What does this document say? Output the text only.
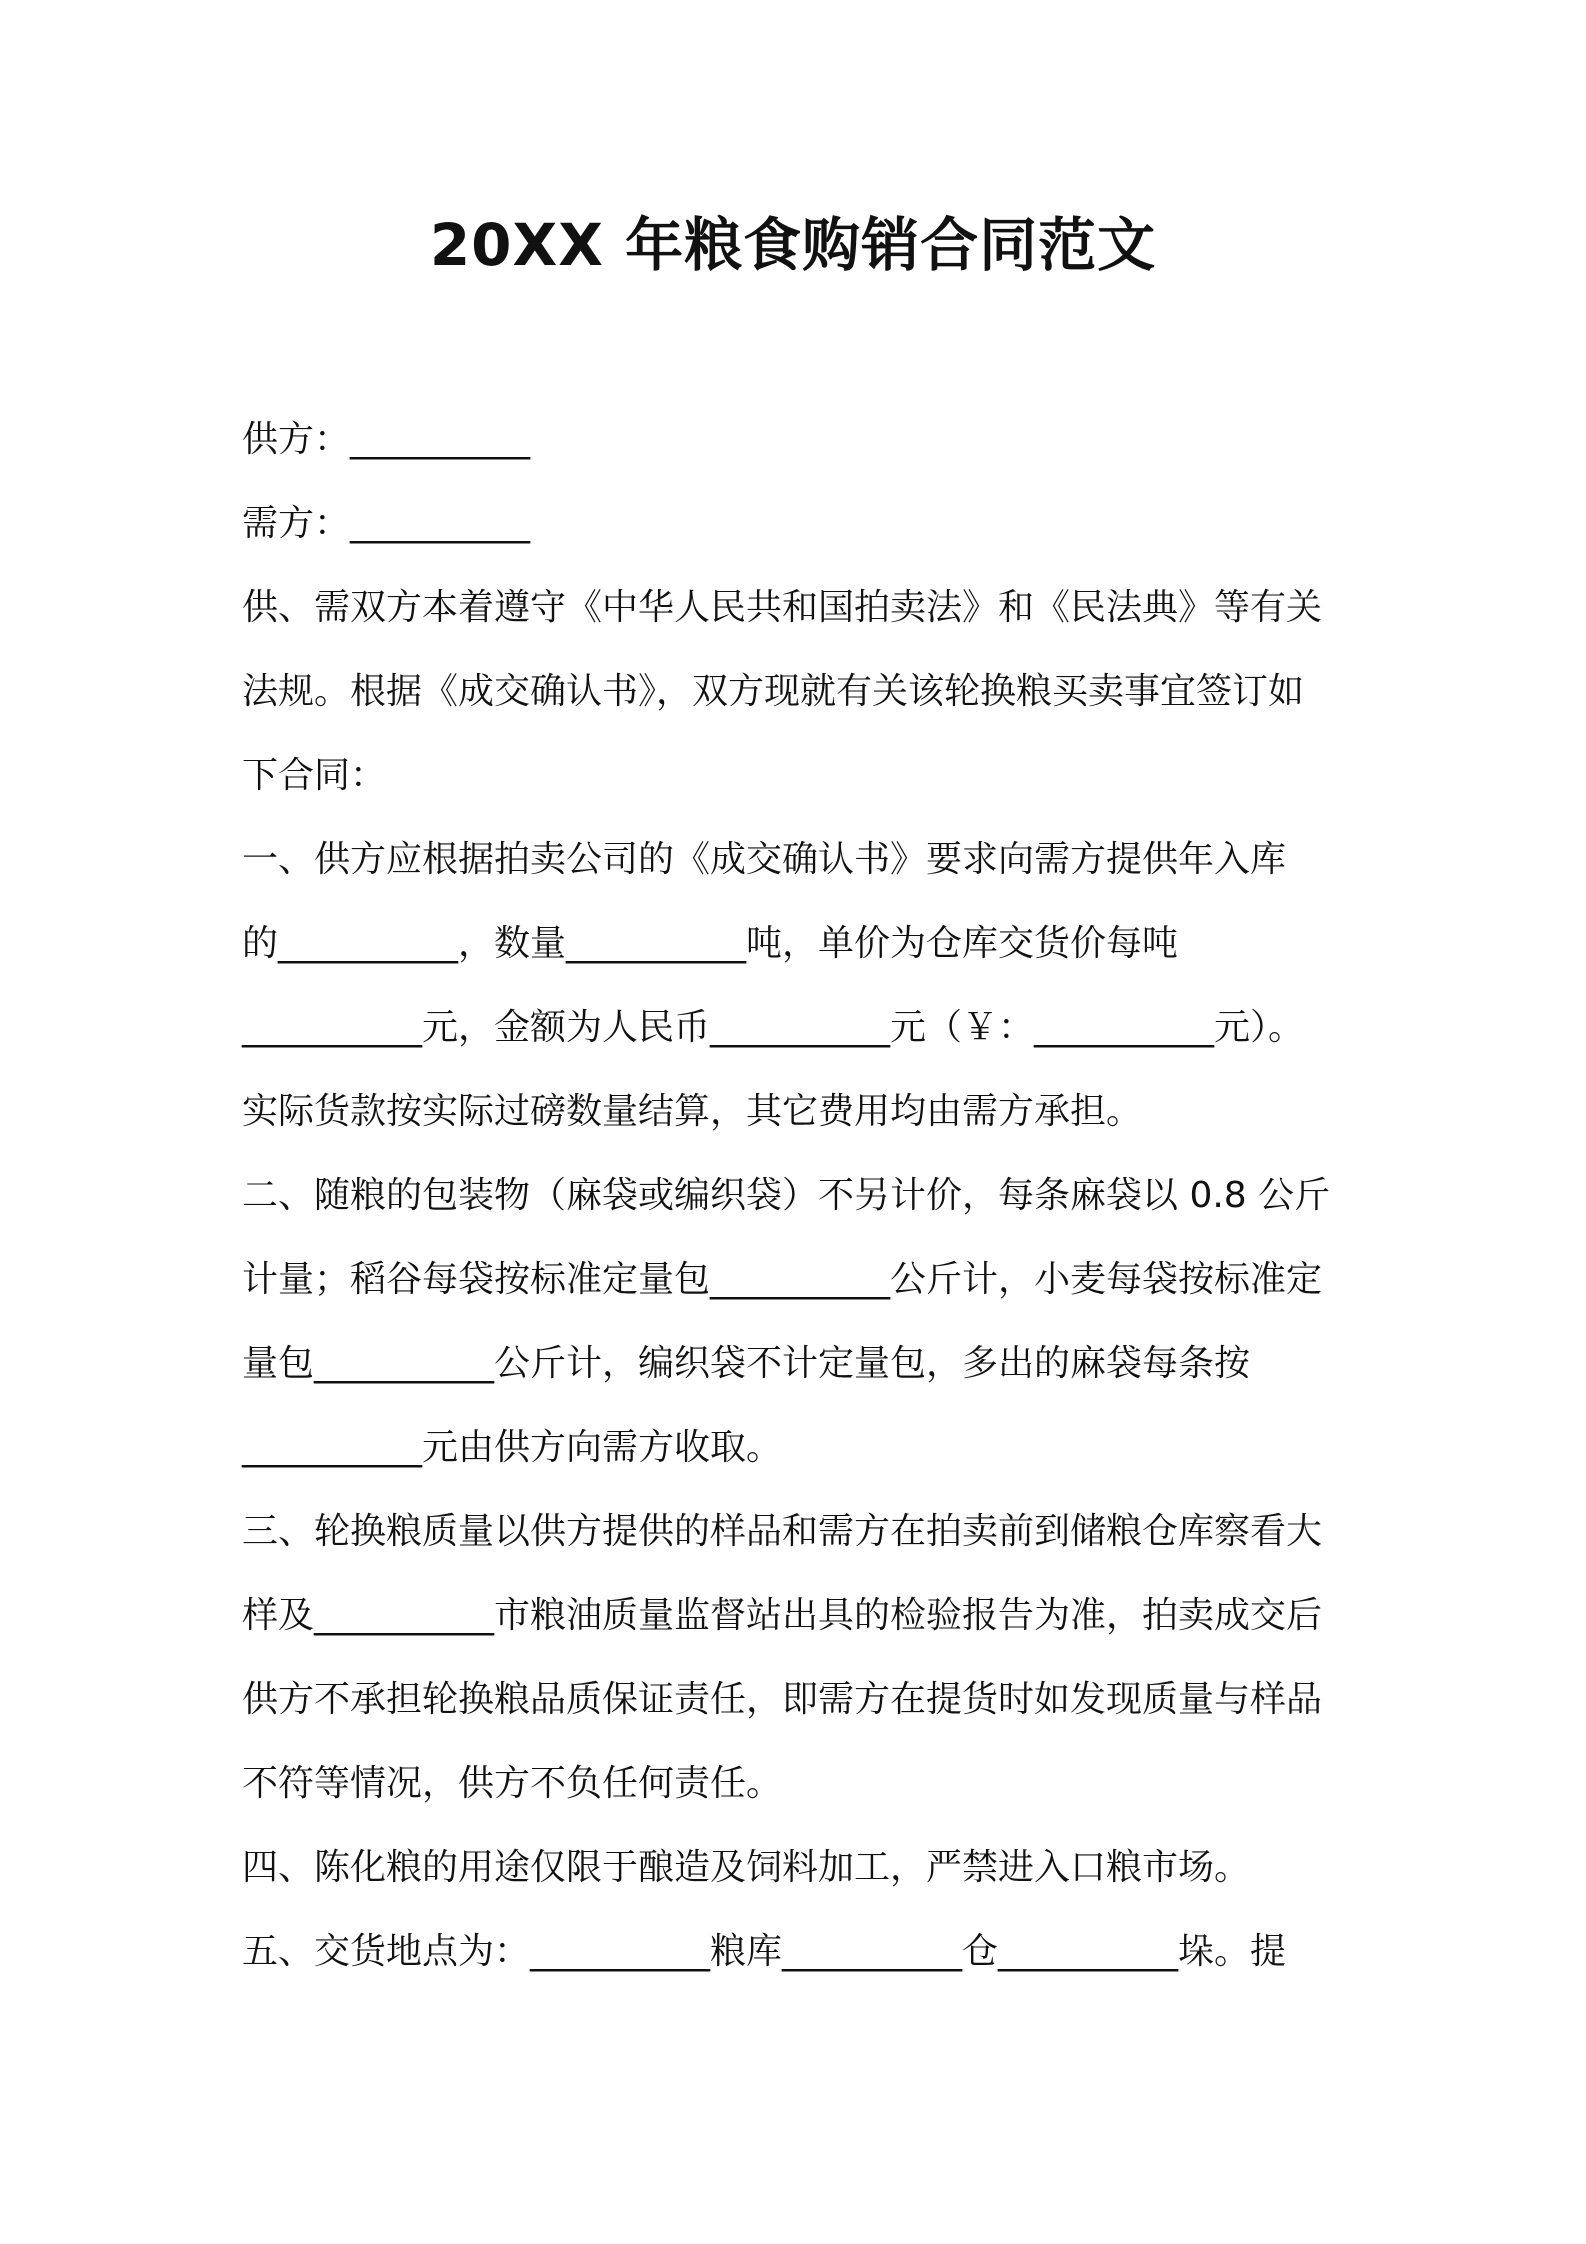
20XX 年粮食购销合同范文
供方：__________
需方：__________
供、需双方本着遵守《中华人民共和国拍卖法》和《民法典》等有关
法规。根据《成交确认书》，双方现就有关该轮换粮买卖事宜签订如
下合同：
一、供方应根据拍卖公司的《成交确认书》要求向需方提供年入库
的__________，数量__________吨，单价为仓库交货价每吨
__________元，金额为人民币__________元（￥：__________元）。
实际货款按实际过磅数量结算，其它费用均由需方承担。
二、随粮的包装物（麻袋或编织袋）不另计价，每条麻袋以 0.8 公斤
计量；稻谷每袋按标准定量包__________公斤计，小麦每袋按标准定
量包__________公斤计，编织袋不计定量包，多出的麻袋每条按
__________元由供方向需方收取。
三、轮换粮质量以供方提供的样品和需方在拍卖前到储粮仓库察看大
样及__________市粮油质量监督站出具的检验报告为准，拍卖成交后
供方不承担轮换粮品质保证责任，即需方在提货时如发现质量与样品
不符等情况，供方不负任何责任。
四、陈化粮的用途仅限于酿造及饲料加工，严禁进入口粮市场。
五、交货地点为：__________粮库__________仓__________垛。提
